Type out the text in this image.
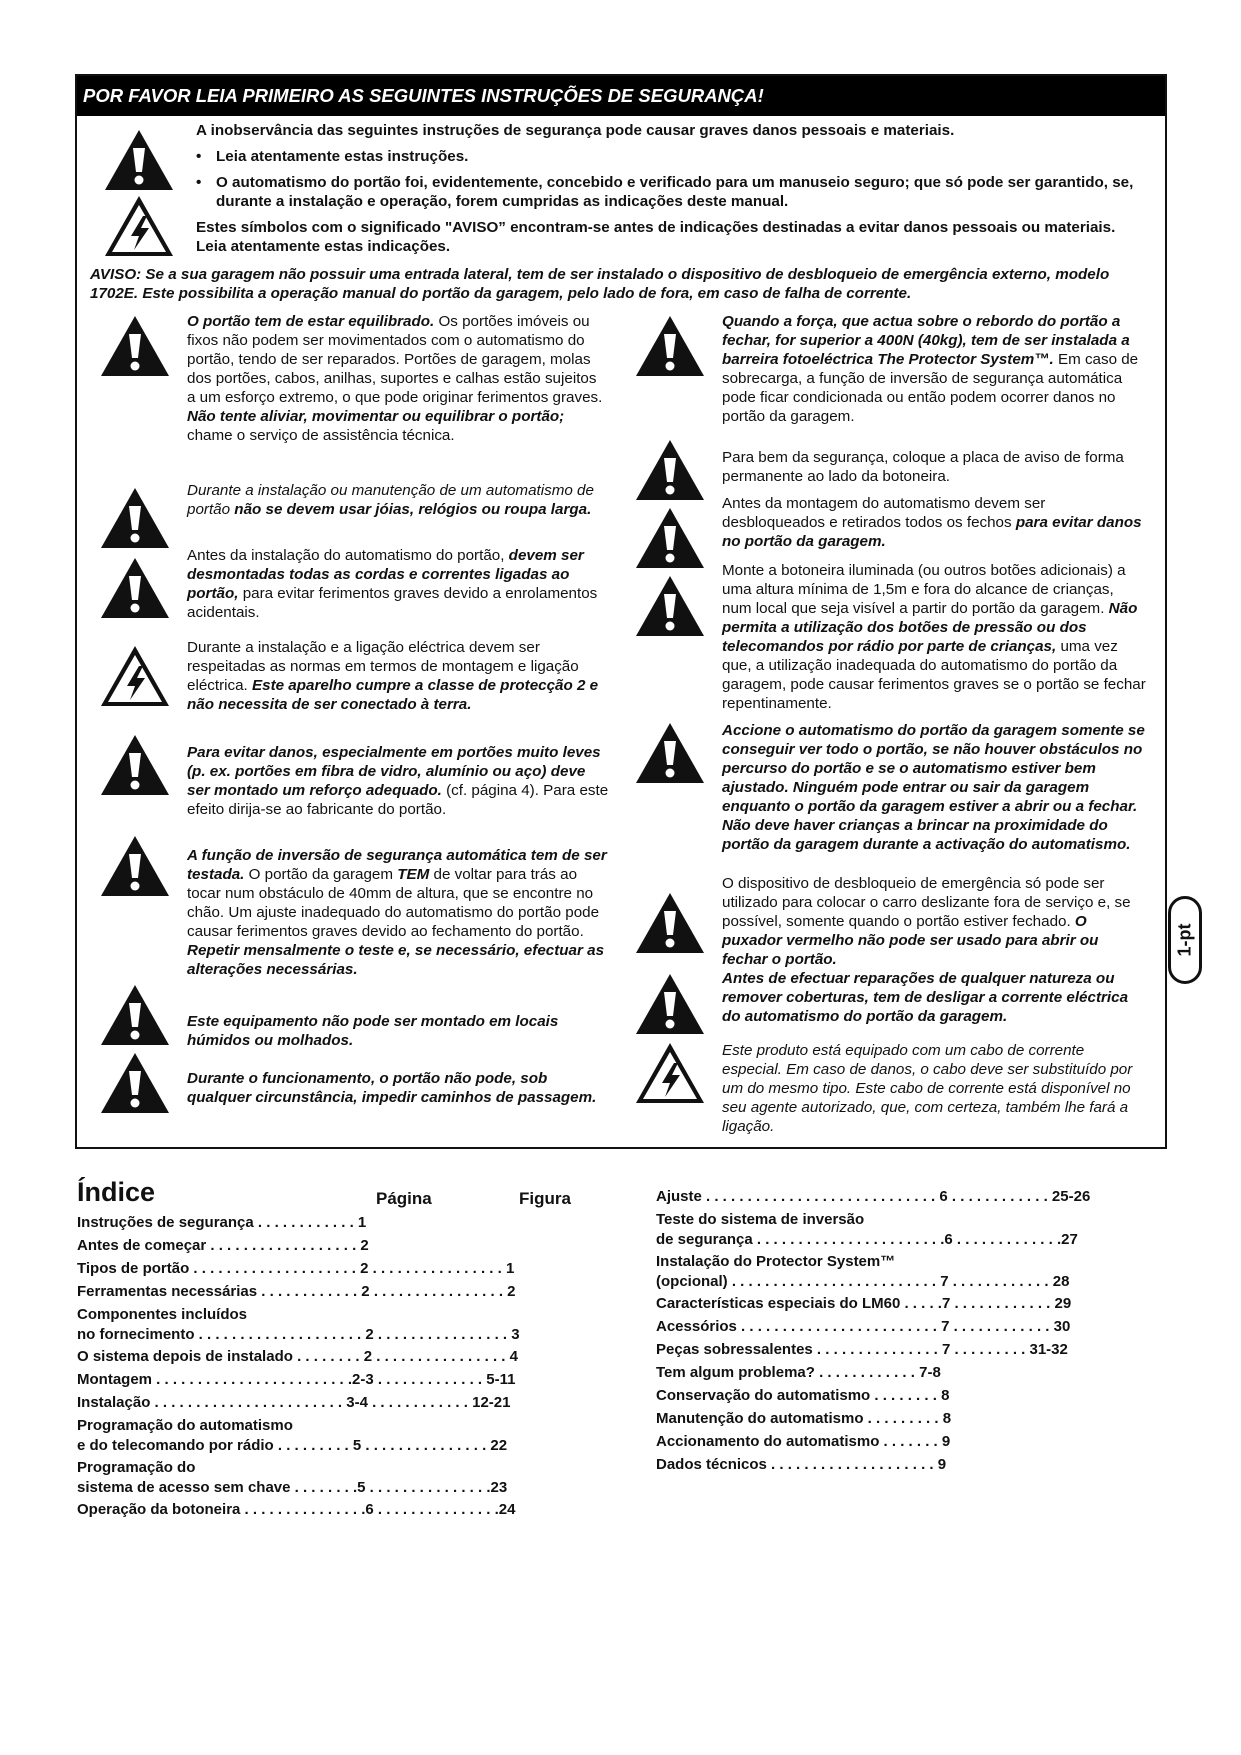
POR FAVOR LEIA PRIMEIRO AS SEGUINTES INSTRUÇÕES DE SEGURANÇA!

A inobservância das seguintes instruções de segurança pode causar graves danos pessoais e materiais.

• Leia atentamente estas instruções.

• O automatismo do portão foi, evidentemente, concebido e verificado para um manuseio seguro; que só pode ser garantido, se, durante a instalação e operação, forem cumpridas as indicações deste manual.

Estes símbolos com o significado "AVISO” encontram-se antes de indicações destinadas a evitar danos pessoais ou materiais. Leia atentamente estas indicações.

AVISO: Se a sua garagem não possuir uma entrada lateral, tem de ser instalado o dispositivo de desbloqueio de emergência externo, modelo 1702E. Este possibilita a operação manual do portão da garagem, pelo lado de fora, em caso de falha de corrente.

O portão tem de estar equilibrado. Os portões imóveis ou fixos não podem ser movimentados com o automatismo do portão, tendo de ser reparados. Portões de garagem, molas dos portões, cabos, anilhas, suportes e calhas estão sujeitos a um esforço extremo, o que pode originar ferimentos graves. Não tente aliviar, movimentar ou equilibrar o portão; chame o serviço de assistência técnica.

Durante a instalação ou manutenção de um automatismo de portão não se devem usar jóias, relógios ou roupa larga.

Antes da instalação do automatismo do portão, devem ser desmontadas todas as cordas e correntes ligadas ao portão, para evitar ferimentos graves devido a enrolamentos acidentais.

Durante a instalação e a ligação eléctrica devem ser respeitadas as normas em termos de montagem e ligação eléctrica. Este aparelho cumpre a classe de protecção 2 e não necessita de ser conectado à terra.

Para evitar danos, especialmente em portões muito leves (p. ex. portões em fibra de vidro, alumínio ou aço) deve ser montado um reforço adequado. (cf. página 4). Para este efeito dirija-se ao fabricante do portão.

A função de inversão de segurança automática tem de ser testada. O portão da garagem TEM de voltar para trás ao tocar num obstáculo de 40mm de altura, que se encontre no chão. Um ajuste inadequado do automatismo do portão pode causar ferimentos graves devido ao fechamento do portão. Repetir mensalmente o teste e, se necessário, efectuar as alterações necessárias.

Este equipamento não pode ser montado em locais húmidos ou molhados.

Durante o funcionamento, o portão não pode, sob qualquer circunstância, impedir caminhos de passagem.

Quando a força, que actua sobre o rebordo do portão a fechar, for superior a 400N (40kg), tem de ser instalada a barreira fotoeléctrica The Protector System™. Em caso de sobrecarga, a função de inversão de segurança automática pode ficar condicionada ou então podem ocorrer danos no portão da garagem.

Para bem da segurança, coloque a placa de aviso de forma permanente ao lado da botoneira.

Antes da montagem do automatismo devem ser desbloqueados e retirados todos os fechos para evitar danos no portão da garagem.

Monte a botoneira iluminada (ou outros botões adicionais) a uma altura mínima de 1,5m e fora do alcance de crianças, num local que seja visível a partir do portão da garagem. Não permita a utilização dos botões de pressão ou dos telecomandos por rádio por parte de crianças, uma vez que, a utilização inadequada do automatismo do portão da garagem, pode causar ferimentos graves se o portão se fechar repentinamente.

Accione o automatismo do portão da garagem somente se conseguir ver todo o portão, se não houver obstáculos no percurso do portão e se o automatismo estiver bem ajustado. Ninguém pode entrar ou sair da garagem enquanto o portão da garagem estiver a abrir ou a fechar. Não deve haver crianças a brincar na proximidade do portão da garagem durante a activação do automatismo.

O dispositivo de desbloqueio de emergência só pode ser utilizado para colocar o carro deslizante fora de serviço e, se possível, somente quando o portão estiver fechado. O puxador vermelho não pode ser usado para abrir ou fechar o portão.

Antes de efectuar reparações de qualquer natureza ou remover coberturas, tem de desligar a corrente eléctrica do automatismo do portão da garagem.

Este produto está equipado com um cabo de corrente especial. Em caso de danos, o cabo deve ser substituído por um do mesmo tipo. Este cabo de corrente está disponível no seu agente autorizado, que, com certeza, também lhe fará a ligação.

1-pt
Índice	Página	Figura
Instruções de segurança . . . . . . . . . . . . 1
Antes de começar . . . . . . . . . . . . . . . . . . 2
Tipos de portão . . . . . . . . . . . . . . . . . . . . 2 . . . . . . . . . . . . . . . . 1
Ferramentas necessárias . . . . . . . . . . . . 2 . . . . . . . . . . . . . . . . 2
Componentes incluídos
no fornecimento . . . . . . . . . . . . . . . . . . . . 2 . . . . . . . . . . . . . . . . 3
O sistema depois de instalado . . . . . . . . 2 . . . . . . . . . . . . . . . . 4
Montagem . . . . . . . . . . . . . . . . . . . . . . . .2-3 . . . . . . . . . . . . . 5-11
Instalação . . . . . . . . . . . . . . . . . . . . . . . 3-4 . . . . . . . . . . . . 12-21
Programação do automatismo
e do telecomando por rádio . . . . . . . . . 5 . . . . . . . . . . . . . . . 22
Programação do
sistema de acesso sem chave . . . . . . . .5 . . . . . . . . . . . . . . .23
Operação da botoneira . . . . . . . . . . . . . . .6 . . . . . . . . . . . . . . .24
Ajuste . . . . . . . . . . . . . . . . . . . . . . . . . . . . 6 . . . . . . . . . . . . 25-26
Teste do sistema de inversão
de segurança . . . . . . . . . . . . . . . . . . . . . . .6 . . . . . . . . . . . . .27
Instalação do Protector System™
(opcional) . . . . . . . . . . . . . . . . . . . . . . . . . 7 . . . . . . . . . . . . 28
Características especiais do LM60 . . . . .7 . . . . . . . . . . . . 29
Acessórios . . . . . . . . . . . . . . . . . . . . . . . . 7 . . . . . . . . . . . . 30
Peças sobressalentes . . . . . . . . . . . . . . . 7 . . . . . . . . . 31-32
Tem algum problema? . . . . . . . . . . . . 7-8
Conservação do automatismo . . . . . . . . 8
Manutenção do automatismo . . . . . . . . . 8
Accionamento do automatismo . . . . . . . 9
Dados técnicos . . . . . . . . . . . . . . . . . . . . 9
